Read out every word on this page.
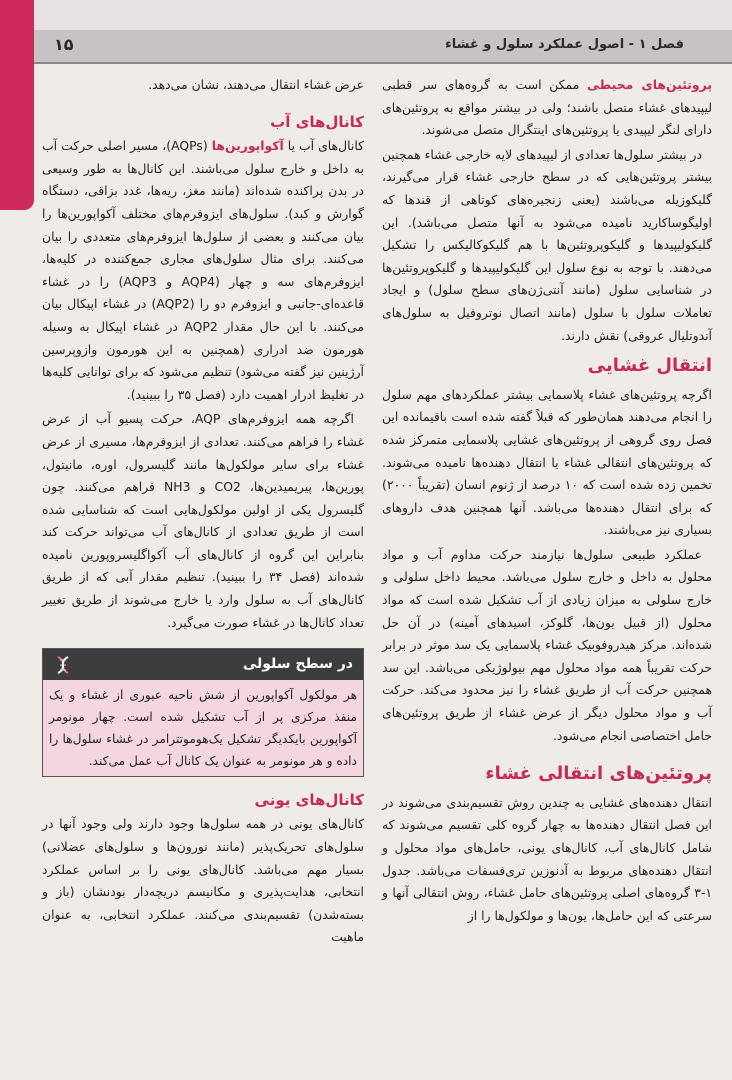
فصل ۱ - اصول عملکرد سلول و غشاء
۱۵

پروتئین‌های محیطی ممکن است به گروه‌های سر قطبی لیپیدهای غشاء متصل باشند؛ ولی در بیشتر مواقع به پروتئین‌های دارای لنگر لیپیدی یا پروتئین‌های اینتگرال متصل می‌شوند.

در بیشتر سلول‌ها تعدادی از لیپیدهای لایه خارجی غشاء همچنین بیشتر پروتئین‌هایی که در سطح خارجی غشاء قرار می‌گیرند، گلیکوزیله می‌باشند (یعنی زنجیره‌های کوتاهی از قندها که اولیگوساکارید نامیده می‌شود به آنها متصل می‌باشد). این گلیکولیپیدها و گلیکوپروتئین‌ها با هم گلیکوکالیکس را تشکیل می‌دهند. با توجه به نوع سلول این گلیکولیپیدها و گلیکوپروتئین‌ها در شناسایی سلول (مانند آنتی‌ژن‌های سطح سلول) و ایجاد تعاملات سلول با سلول (مانند اتصال نوتروفیل به سلول‌های آندوتلیال عروقی) نقش دارند.

انتقال غشایی

اگرچه پروتئین‌های غشاء پلاسمایی بیشتر عملکردهای مهم سلول را انجام می‌دهند همان‌طور که قبلاً گفته شده است باقیمانده این فصل روی گروهی از پروتئین‌های غشایی پلاسمایی متمرکز شده که پروتئین‌های انتقالی غشاء یا انتقال دهنده‌ها نامیده می‌شوند. تخمین زده شده است که ۱۰ درصد از ژنوم انسان (تقریباً ۲۰۰۰) که برای انتقال دهنده‌ها می‌باشد. آنها همچنین هدف داروهای بسیاری نیز می‌باشند.

عملکرد طبیعی سلول‌ها نیازمند حرکت مداوم آب و مواد محلول به داخل و خارج سلول می‌باشد. محیط داخل سلولی و خارج سلولی به میزان زیادی از آب تشکیل شده است که مواد محلول (از قبیل یون‌ها، گلوکز، اسیدهای آمینه) در آن حل شده‌اند. مرکز هیدروفوبیک غشاء پلاسمایی یک سد موثر در برابر حرکت تقریباً همه مواد محلول مهم بیولوژیکی می‌باشد. این سد همچنین حرکت آب از طریق غشاء را نیز محدود می‌کند. حرکت آب و مواد محلول دیگر از عرض غشاء از طریق پروتئین‌های حامل اختصاصی انجام می‌شود.

پروتئین‌های انتقالی غشاء

انتقال دهنده‌های غشایی به چندین روش تقسیم‌بندی می‌شوند در این فصل انتقال دهنده‌ها به چهار گروه کلی تقسیم می‌شوند که شامل کانال‌های آب، کانال‌های یونی، حامل‌های مواد محلول و انتقال دهنده‌های مربوط به آدنوزین تری‌فسفات می‌باشد. جدول ۱-۳ گروه‌های اصلی پروتئین‌های حامل غشاء، روش انتقالی آنها و سرعتی که این حامل‌ها، یون‌ها و مولکول‌ها را از

عرض غشاء انتقال می‌دهند، نشان می‌دهد.

کانال‌های آب

کانال‌های آب یا آکواپورین‌ها (AQPs)، مسیر اصلی حرکت آب به داخل و خارج سلول می‌باشند. این کانال‌ها به طور وسیعی در بدن پراکنده شده‌اند (مانند مغز، ریه‌ها، غدد بزاقی، دستگاه گوارش و کبد). سلول‌های ایزوفرم‌های مختلف آکواپورین‌ها را بیان می‌کنند و بعضی از سلول‌ها ایزوفرم‌های متعددی را بیان می‌کنند. برای مثال سلول‌های مجاری جمع‌کننده در کلیه‌ها، ایزوفرم‌های سه و چهار (AQP4 و AQP3) را در غشاء قاعده‌ای-جانبی و ایزوفرم دو را (AQP2) در غشاء اپیکال بیان می‌کنند. با این حال مقدار AQP2 در غشاء اپیکال به وسیله هورمون ضد ادراری (همچنین به این هورمون وازوپرسین آرژینین نیز گفته می‌شود) تنظیم می‌شود که برای توانایی کلیه‌ها در تغلیظ ادرار اهمیت دارد (فصل ۳۵ را ببینید).

اگرچه همه ایزوفرم‌های AQP، حرکت پسیو آب از عرض غشاء را فراهم می‌کنند. تعدادی از ایزوفرم‌ها، مسیری از عرض غشاء برای سایر مولکول‌ها مانند گلیسرول، اوره، مانیتول، پورین‌ها، پیریمیدین‌ها، CO2 و NH3 فراهم می‌کنند. چون گلیسرول یکی از اولین مولکول‌هایی است که شناسایی شده است از طریق تعدادی از کانال‌های آب می‌تواند حرکت کند بنابراین این گروه از کانال‌های آب آکواگلیسروپورین نامیده شده‌اند (فصل ۳۴ را ببینید). تنظیم مقدار آبی که از طریق کانال‌های آب به سلول وارد یا خارج می‌شوند از طریق تغییر تعداد کانال‌ها در غشاء صورت می‌گیرد.

در سطح سلولی
هر مولکول آکواپورین از شش ناحیه عبوری از غشاء و یک منفذ مرکزی پر از آب تشکیل شده است. چهار مونومر آکواپورین بایکدیگر تشکیل یک‌هوموتترامر در غشاء سلول‌ها را داده و هر مونومر به عنوان یک کانال آب عمل می‌کند.
کانال‌های یونی

کانال‌های یونی در همه سلول‌ها وجود دارند ولی وجود آنها در سلول‌های تحریک‌پذیر (مانند نورون‌ها و سلول‌های عضلانی) بسیار مهم می‌باشد. کانال‌های یونی را بر اساس عملکرد انتخابی، هدایت‌پذیری و مکانیسم دریچه‌دار بودنشان (باز و بسته‌شدن) تقسیم‌بندی می‌کنند. عملکرد انتخابی، به عنوان ماهیت
